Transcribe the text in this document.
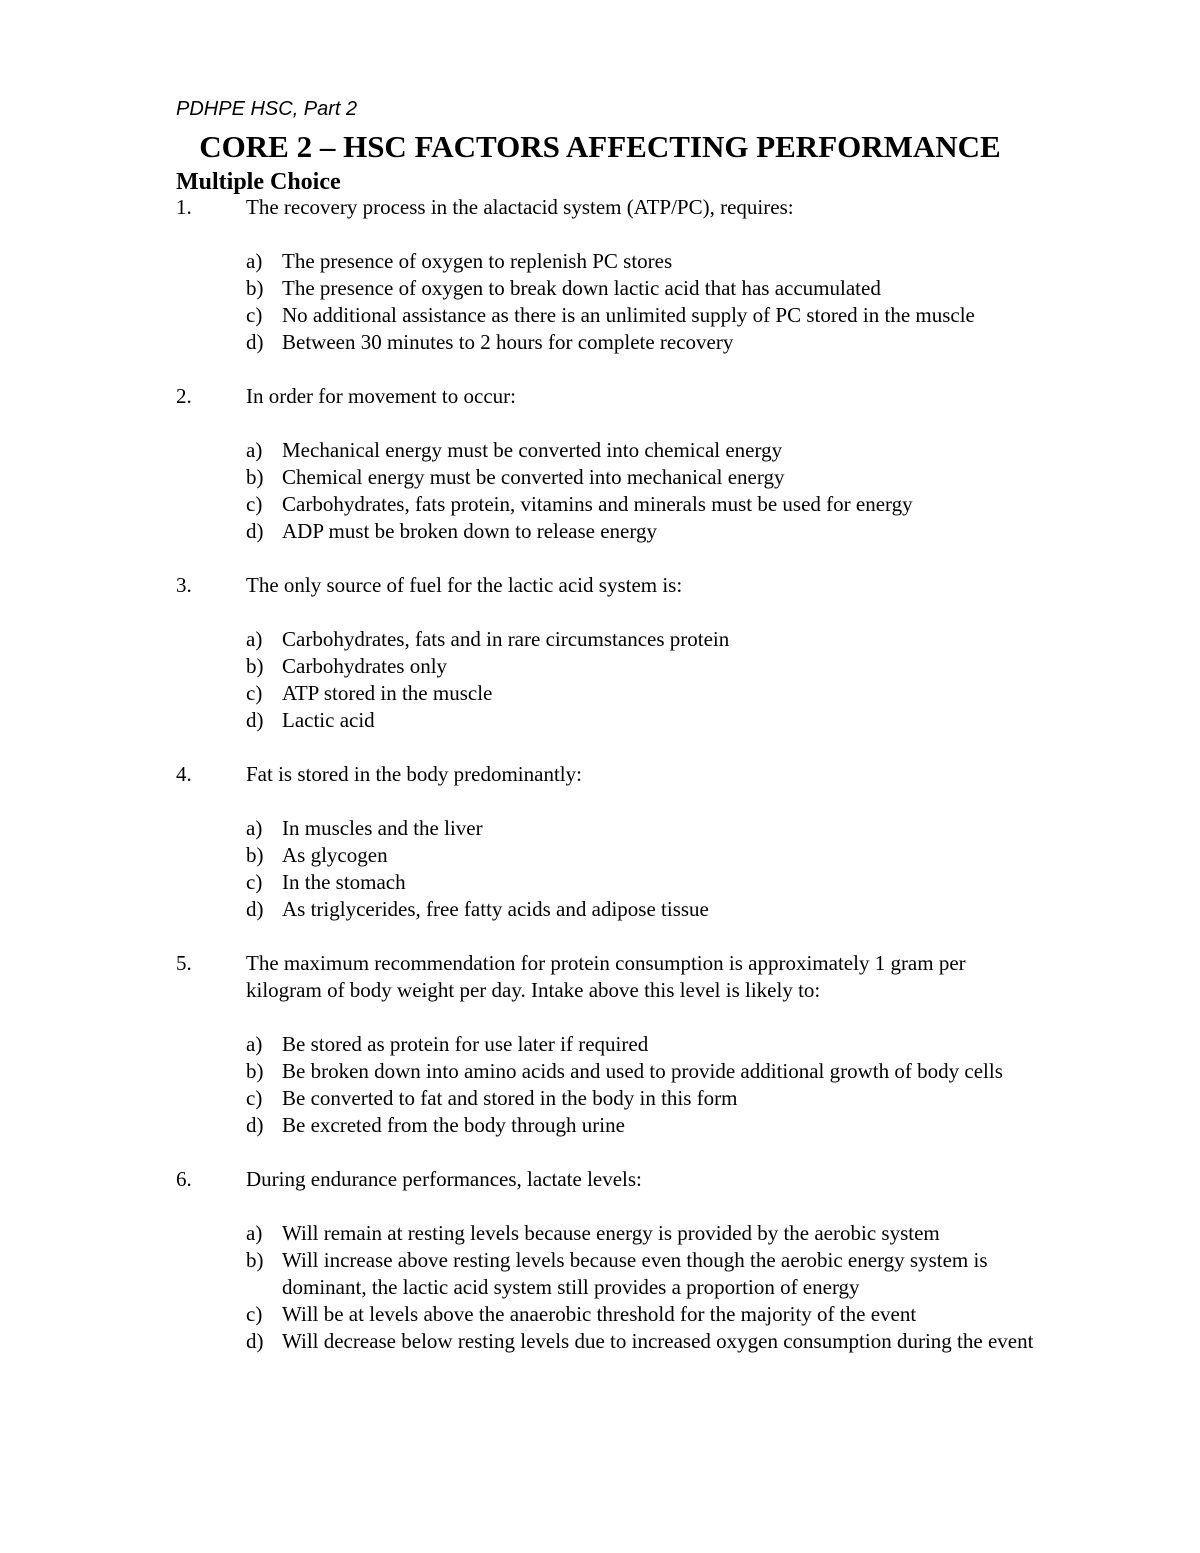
PDHPE HSC, Part 2
CORE 2 – HSC FACTORS AFFECTING PERFORMANCE
Multiple Choice
1.	The recovery process in the alactacid system (ATP/PC), requires:
a) The presence of oxygen to replenish PC stores
b) The presence of oxygen to break down lactic acid that has accumulated
c) No additional assistance as there is an unlimited supply of PC stored in the muscle
d) Between 30 minutes to 2 hours for complete recovery
2.	In order for movement to occur:
a) Mechanical energy must be converted into chemical energy
b) Chemical energy must be converted into mechanical energy
c) Carbohydrates, fats protein, vitamins and minerals must be used for energy
d) ADP must be broken down to release energy
3.	The only source of fuel for the lactic acid system is:
a) Carbohydrates, fats and in rare circumstances protein
b) Carbohydrates only
c) ATP stored in the muscle
d) Lactic acid
4.	Fat is stored in the body predominantly:
a) In muscles and the liver
b) As glycogen
c) In the stomach
d) As triglycerides, free fatty acids and adipose tissue
5.	The maximum recommendation for protein consumption is approximately 1 gram per kilogram of body weight per day. Intake above this level is likely to:
a) Be stored as protein for use later if required
b) Be broken down into amino acids and used to provide additional growth of body cells
c) Be converted to fat and stored in the body in this form
d) Be excreted from the body through urine
6.	During endurance performances, lactate levels:
a) Will remain at resting levels because energy is provided by the aerobic system
b) Will increase above resting levels because even though the aerobic energy system is dominant, the lactic acid system still provides a proportion of energy
c) Will be at levels above the anaerobic threshold for the majority of the event
d) Will decrease below resting levels due to increased oxygen consumption during the event
